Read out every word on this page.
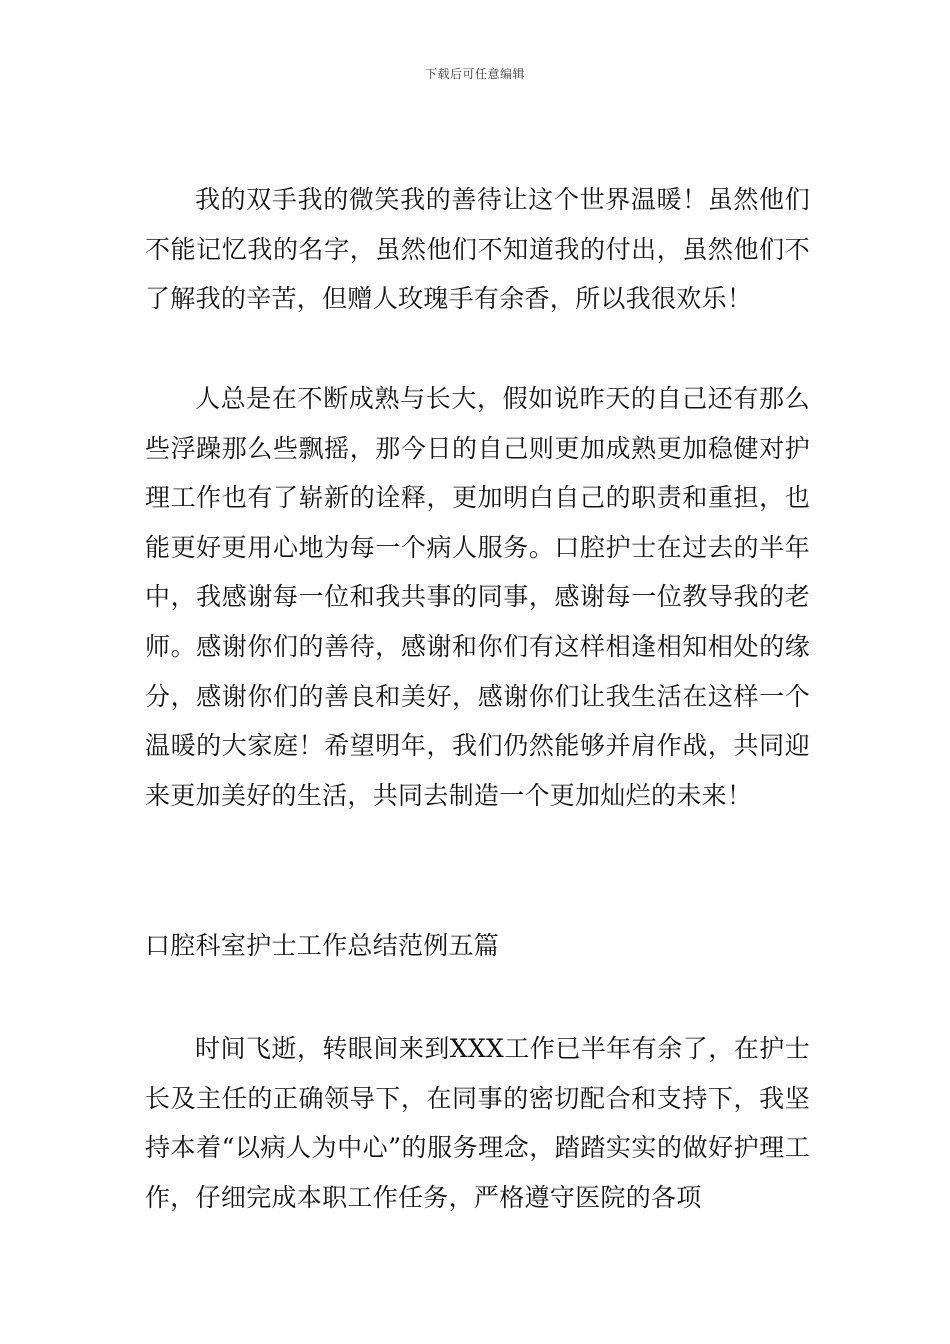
下载后可任意编辑

我的双手我的微笑我的善待让这个世界温暖！虽然他们不能记忆我的名字，虽然他们不知道我的付出，虽然他们不了解我的辛苦，但赠人玫瑰手有余香，所以我很欢乐！

人总是在不断成熟与长大，假如说昨天的自己还有那么些浮躁那么些飘摇，那今日的自己则更加成熟更加稳健对护理工作也有了崭新的诠释，更加明白自己的职责和重担，也能更好更用心地为每一个病人服务。口腔护士在过去的半年中，我感谢每一位和我共事的同事，感谢每一位教导我的老师。感谢你们的善待，感谢和你们有这样相逢相知相处的缘分，感谢你们的善良和美好，感谢你们让我生活在这样一个温暖的大家庭！希望明年，我们仍然能够并肩作战，共同迎来更加美好的生活，共同去制造一个更加灿烂的未来！

口腔科室护士工作总结范例五篇

时间飞逝，转眼间来到XXX工作已半年有余了，在护士长及主任的正确领导下，在同事的密切配合和支持下，我坚持本着“以病人为中心”的服务理念，踏踏实实的做好护理工作，仔细完成本职工作任务，严格遵守医院的各项
